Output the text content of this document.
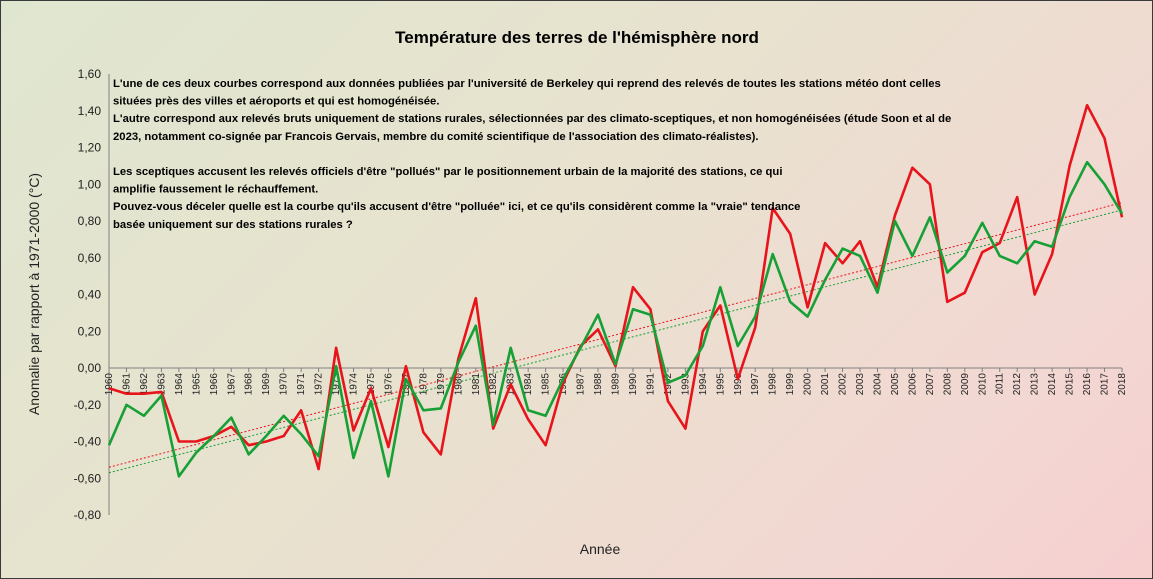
Température des terres de l'hémisphère nord
Anomalie par rapport à 1971-2000 (°C)
Année
-0,80
-0,60
-0,40
-0,20
0,00
0,20
0,40
0,60
0,80
1,00
1,20
1,40
1,60
1960 1961 1962 1963 1964 1965 1966 1967 1968 1969 1970 1971 1972 1973 1974 1975 1976 1977 1978 1979 1980 1981 1982 1983 1984 1985 1986 1987 1988 1989 1990 1991 1992 1993 1994 1995 1996 1997 1998 1999 2000 2001 2002 2003 2004 2005 2006 2007 2008 2009 2010 2011 2012 2013 2014 2015 2016 2017 2018
L'une de ces deux courbes correspond aux données publiées par l'université de Berkeley qui reprend des relevés de toutes les stations météo dont celles
situées près des villes et aéroports et qui est homogénéisée.
L'autre correspond aux relevés bruts uniquement de stations rurales, sélectionnées par des climato-sceptiques, et non homogénéisées (étude Soon et al de
2023, notamment co-signée par Francois Gervais, membre du comité scientifique de l'association des climato-réalistes).
Les sceptiques accusent les relevés officiels d'être "pollués" par le positionnement urbain de la majorité des stations, ce qui
amplifie faussement le réchauffement.
Pouvez-vous déceler quelle est la courbe qu'ils accusent d'être "polluée" ici, et ce qu'ils considèrent comme la "vraie" tendance
basée uniquement sur des stations rurales ?
